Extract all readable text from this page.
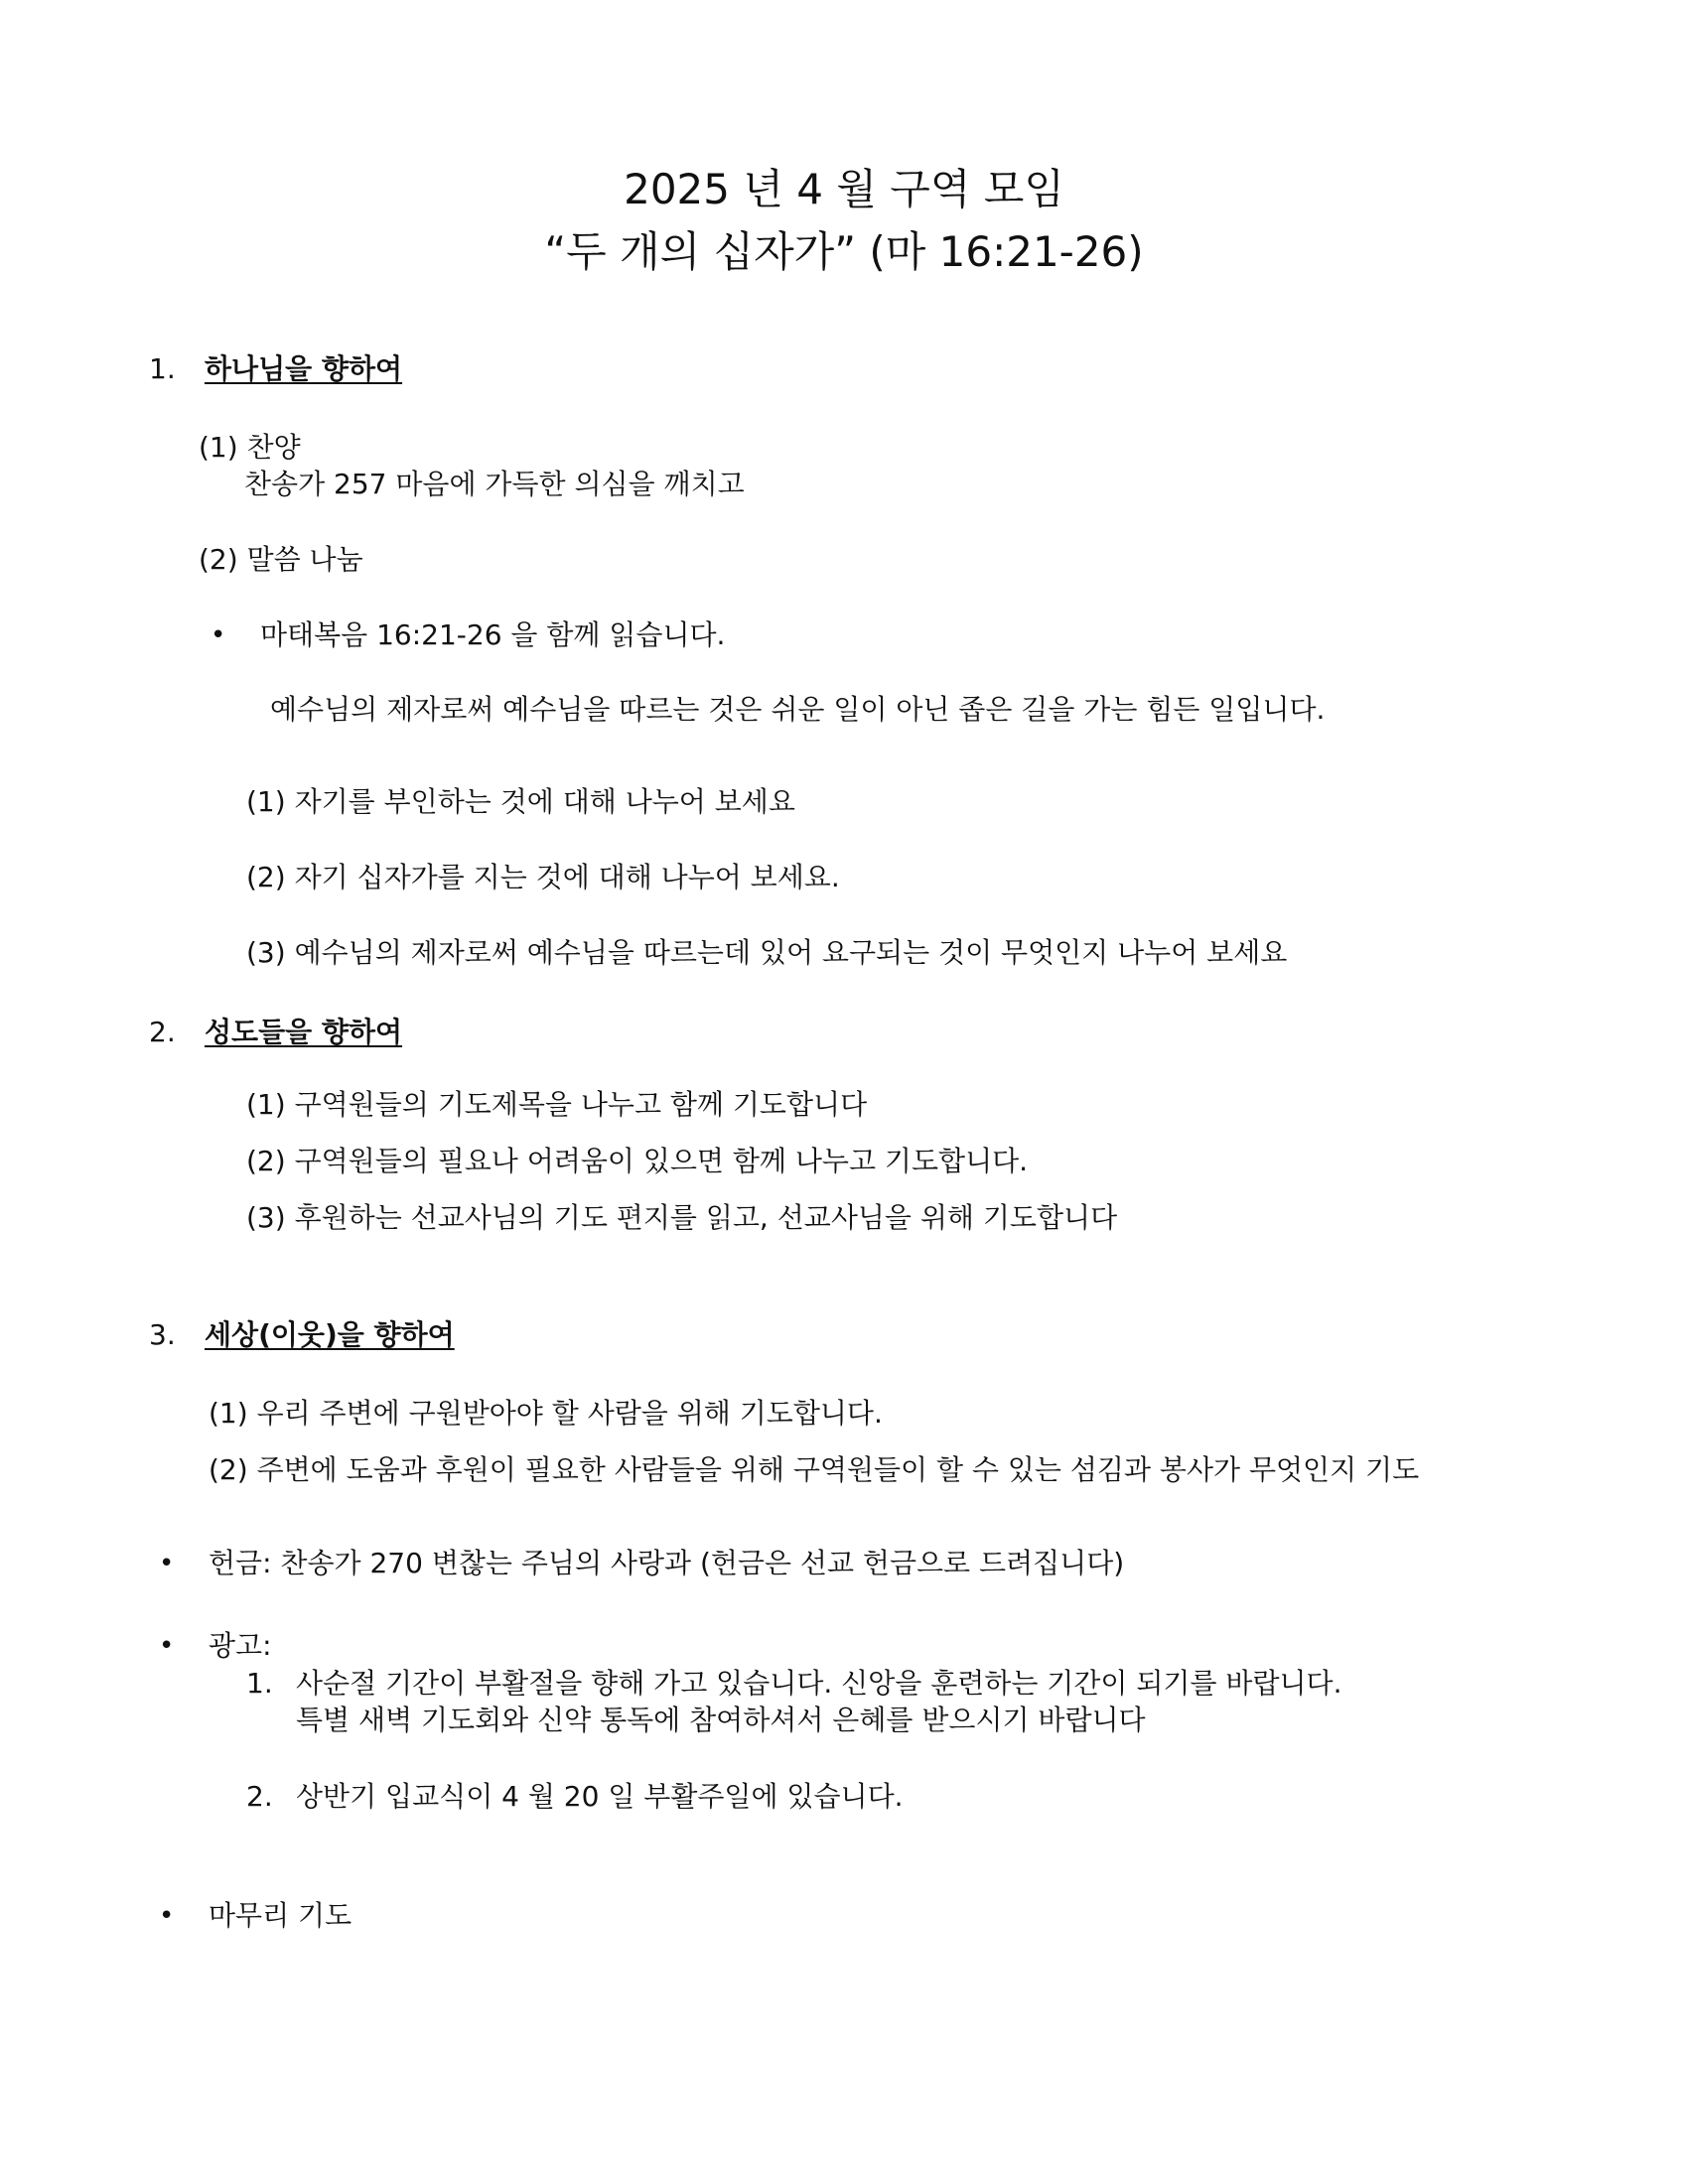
2025 년 4 월 구역 모임
“두 개의 십자가” (마 16:21-26)
1. 하나님을 향하여
(1) 찬양
찬송가 257 마음에 가득한 의심을 깨치고
(2) 말씀 나눔
• 마태복음 16:21-26 을 함께 읽습니다.
예수님의 제자로써 예수님을 따르는 것은 쉬운 일이 아닌 좁은 길을 가는 힘든 일입니다.
(1) 자기를 부인하는 것에 대해 나누어 보세요
(2) 자기 십자가를 지는 것에 대해 나누어 보세요.
(3) 예수님의 제자로써 예수님을 따르는데 있어 요구되는 것이 무엇인지 나누어 보세요
2. 성도들을 향하여
(1) 구역원들의 기도제목을 나누고 함께 기도합니다
(2) 구역원들의 필요나 어려움이 있으면 함께 나누고 기도합니다.
(3) 후원하는 선교사님의 기도 편지를 읽고, 선교사님을 위해 기도합니다
3. 세상(이웃)을 향하여
(1) 우리 주변에 구원받아야 할 사람을 위해 기도합니다.
(2) 주변에 도움과 후원이 필요한 사람들을 위해 구역원들이 할 수 있는 섬김과 봉사가 무엇인지 기도
• 헌금: 찬송가 270 변찮는 주님의 사랑과 (헌금은 선교 헌금으로 드려집니다)
• 광고:
1. 사순절 기간이 부활절을 향해 가고 있습니다. 신앙을 훈련하는 기간이 되기를 바랍니다.
특별 새벽 기도회와 신약 통독에 참여하셔서 은혜를 받으시기 바랍니다
2. 상반기 입교식이 4 월 20 일 부활주일에 있습니다.
• 마무리 기도
